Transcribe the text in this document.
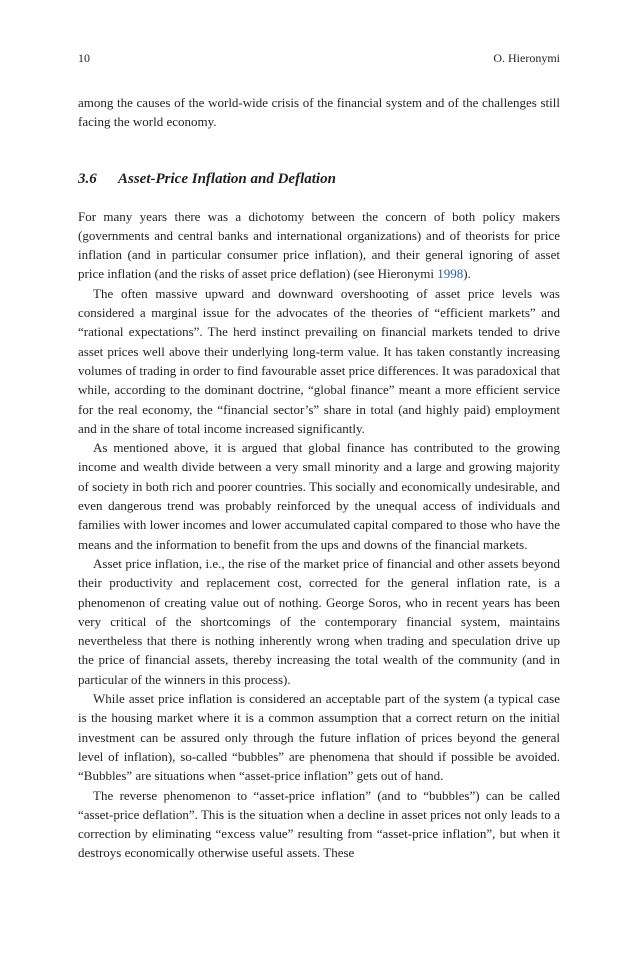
10	O. Hieronymi

among the causes of the world-wide crisis of the financial system and of the challenges still facing the world economy.

3.6 Asset-Price Inflation and Deflation

For many years there was a dichotomy between the concern of both policy makers (governments and central banks and international organizations) and of theorists for price inflation (and in particular consumer price inflation), and their general ignoring of asset price inflation (and the risks of asset price deflation) (see Hieronymi 1998).

The often massive upward and downward overshooting of asset price levels was considered a marginal issue for the advocates of the theories of “efficient markets” and “rational expectations”. The herd instinct prevailing on financial markets tended to drive asset prices well above their underlying long-term value. It has taken constantly increasing volumes of trading in order to find favourable asset price differences. It was paradoxical that while, according to the dominant doctrine, “global finance” meant a more efficient service for the real economy, the “financial sector’s” share in total (and highly paid) employment and in the share of total income increased significantly.

As mentioned above, it is argued that global finance has contributed to the growing income and wealth divide between a very small minority and a large and growing majority of society in both rich and poorer countries. This socially and economically undesirable, and even dangerous trend was probably reinforced by the unequal access of individuals and families with lower incomes and lower accumulated capital compared to those who have the means and the information to benefit from the ups and downs of the financial markets.

Asset price inflation, i.e., the rise of the market price of financial and other assets beyond their productivity and replacement cost, corrected for the general inflation rate, is a phenomenon of creating value out of nothing. George Soros, who in recent years has been very critical of the shortcomings of the contemporary financial system, maintains nevertheless that there is nothing inherently wrong when trading and speculation drive up the price of financial assets, thereby increasing the total wealth of the community (and in particular of the winners in this process).

While asset price inflation is considered an acceptable part of the system (a typical case is the housing market where it is a common assumption that a correct return on the initial investment can be assured only through the future inflation of prices beyond the general level of inflation), so-called “bubbles” are phenomena that should if possible be avoided. “Bubbles” are situations when “asset-price inflation” gets out of hand.

The reverse phenomenon to “asset-price inflation” (and to “bubbles”) can be called “asset-price deflation”. This is the situation when a decline in asset prices not only leads to a correction by eliminating “excess value” resulting from “asset-price inflation”, but when it destroys economically otherwise useful assets. These
